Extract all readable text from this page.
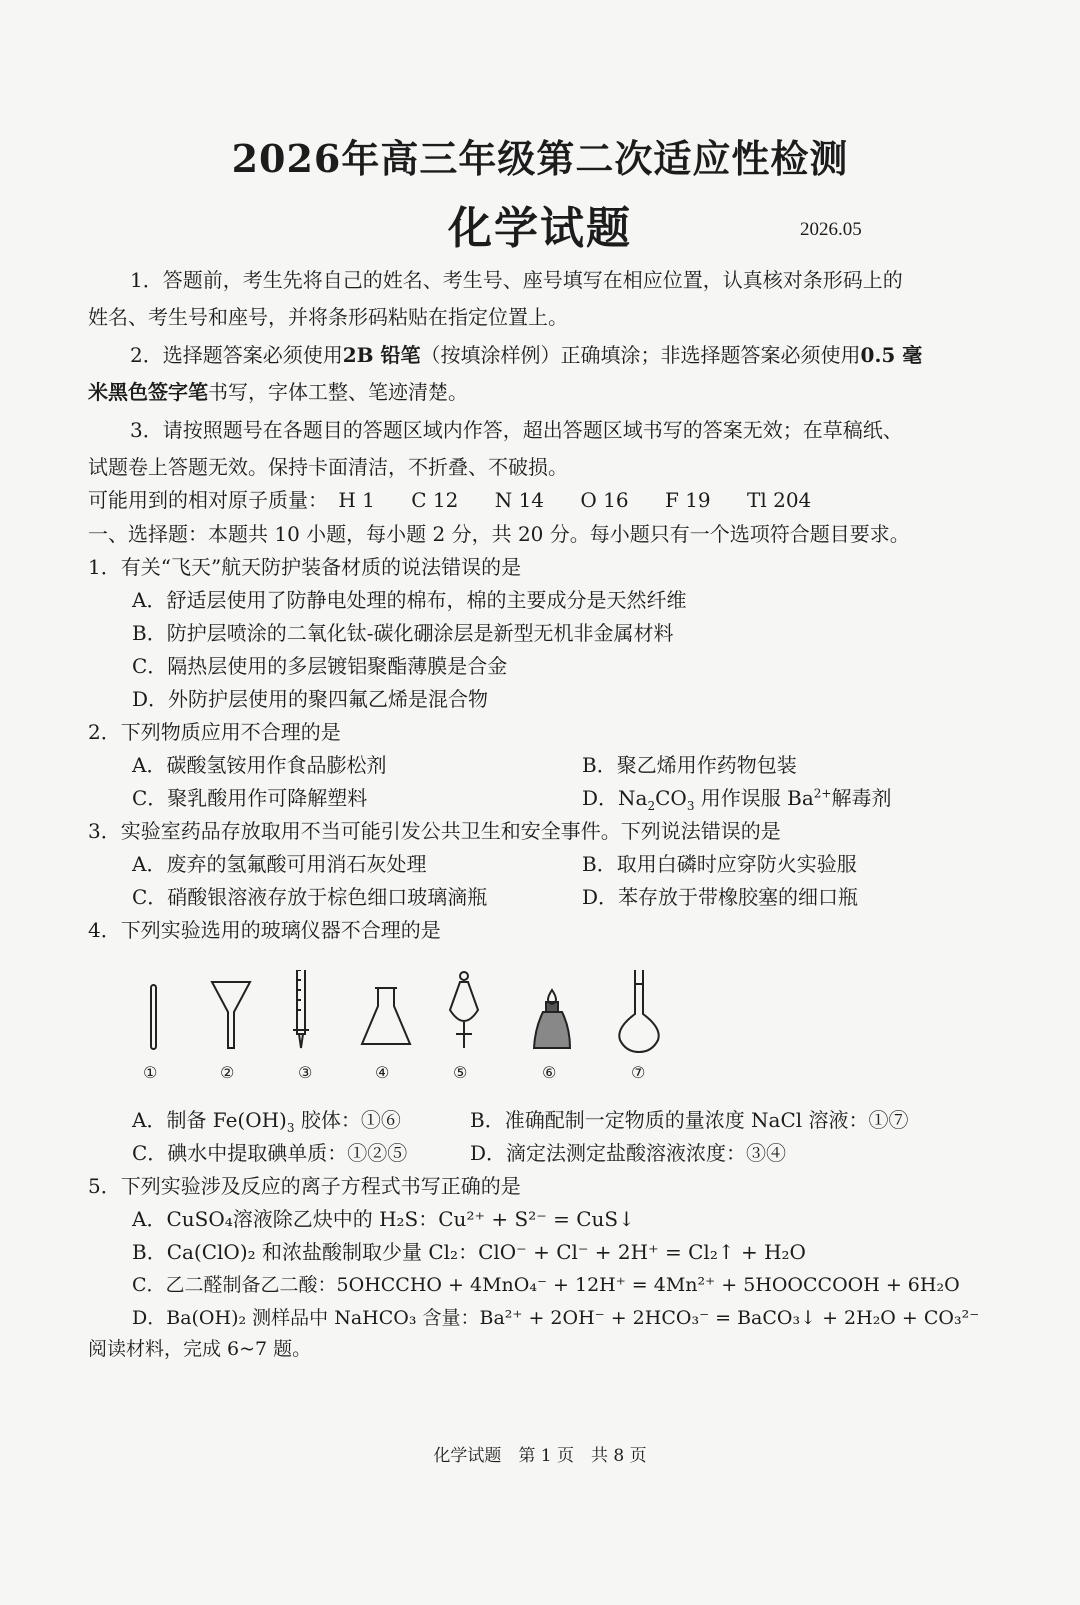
2026年高三年级第二次适应性检测
化学试题	2026.05
1．答题前，考生先将自己的姓名、考生号、座号填写在相应位置，认真核对条形码上的
姓名、考生号和座号，并将条形码粘贴在指定位置上。
2．选择题答案必须使用2B 铅笔（按填涂样例）正确填涂；非选择题答案必须使用0.5 毫
米黑色签字笔书写，字体工整、笔迹清楚。
3．请按照题号在各题目的答题区域内作答，超出答题区域书写的答案无效；在草稿纸、
试题卷上答题无效。保持卡面清洁，不折叠、不破损。
可能用到的相对原子质量： H 1 C 12 N 14 O 16 F 19 Tl 204
一、选择题：本题共 10 小题，每小题 2 分，共 20 分。每小题只有一个选项符合题目要求。
1．有关“飞天”航天防护装备材质的说法错误的是
A．舒适层使用了防静电处理的棉布，棉的主要成分是天然纤维
B．防护层喷涂的二氧化钛-碳化硼涂层是新型无机非金属材料
C．隔热层使用的多层镀铝聚酯薄膜是合金
D．外防护层使用的聚四氟乙烯是混合物
2．下列物质应用不合理的是
A．碳酸氢铵用作食品膨松剂	B．聚乙烯用作药物包装
C．聚乳酸用作可降解塑料	D．$Na_2CO_3$ 用作误服 $Ba^{2+}$解毒剂
3．实验室药品存放取用不当可能引发公共卫生和安全事件。下列说法错误的是
A．废弃的氢氟酸可用消石灰处理	B．取用白磷时应穿防火实验服
C．硝酸银溶液存放于棕色细口玻璃滴瓶	D．苯存放于带橡胶塞的细口瓶
4．下列实验选用的玻璃仪器不合理的是
①	②	③	④	⑤	⑥	⑦
A．制备 $Fe(OH)_3$ 胶体：①⑥	B．准确配制一定物质的量浓度 NaCl 溶液：①⑦
C．碘水中提取碘单质：①②⑤	D．滴定法测定盐酸溶液浓度：③④
5．下列实验涉及反应的离子方程式书写正确的是
A．CuSO₄溶液除乙炔中的 H₂S：Cu²⁺ + S²⁻ = CuS↓
B．Ca(ClO)₂ 和浓盐酸制取少量 Cl₂：ClO⁻ + Cl⁻ + 2H⁺ = Cl₂↑ + H₂O
C．乙二醛制备乙二酸：5OHCCHO + 4MnO₄⁻ + 12H⁺ = 4Mn²⁺ + 5HOOCCOOH + 6H₂O
D．Ba(OH)₂ 测样品中 NaHCO₃ 含量：Ba²⁺ + 2OH⁻ + 2HCO₃⁻ = BaCO₃↓ + 2H₂O + CO₃²⁻
阅读材料，完成 6~7 题。
化学试题　第 1 页　共 8 页
